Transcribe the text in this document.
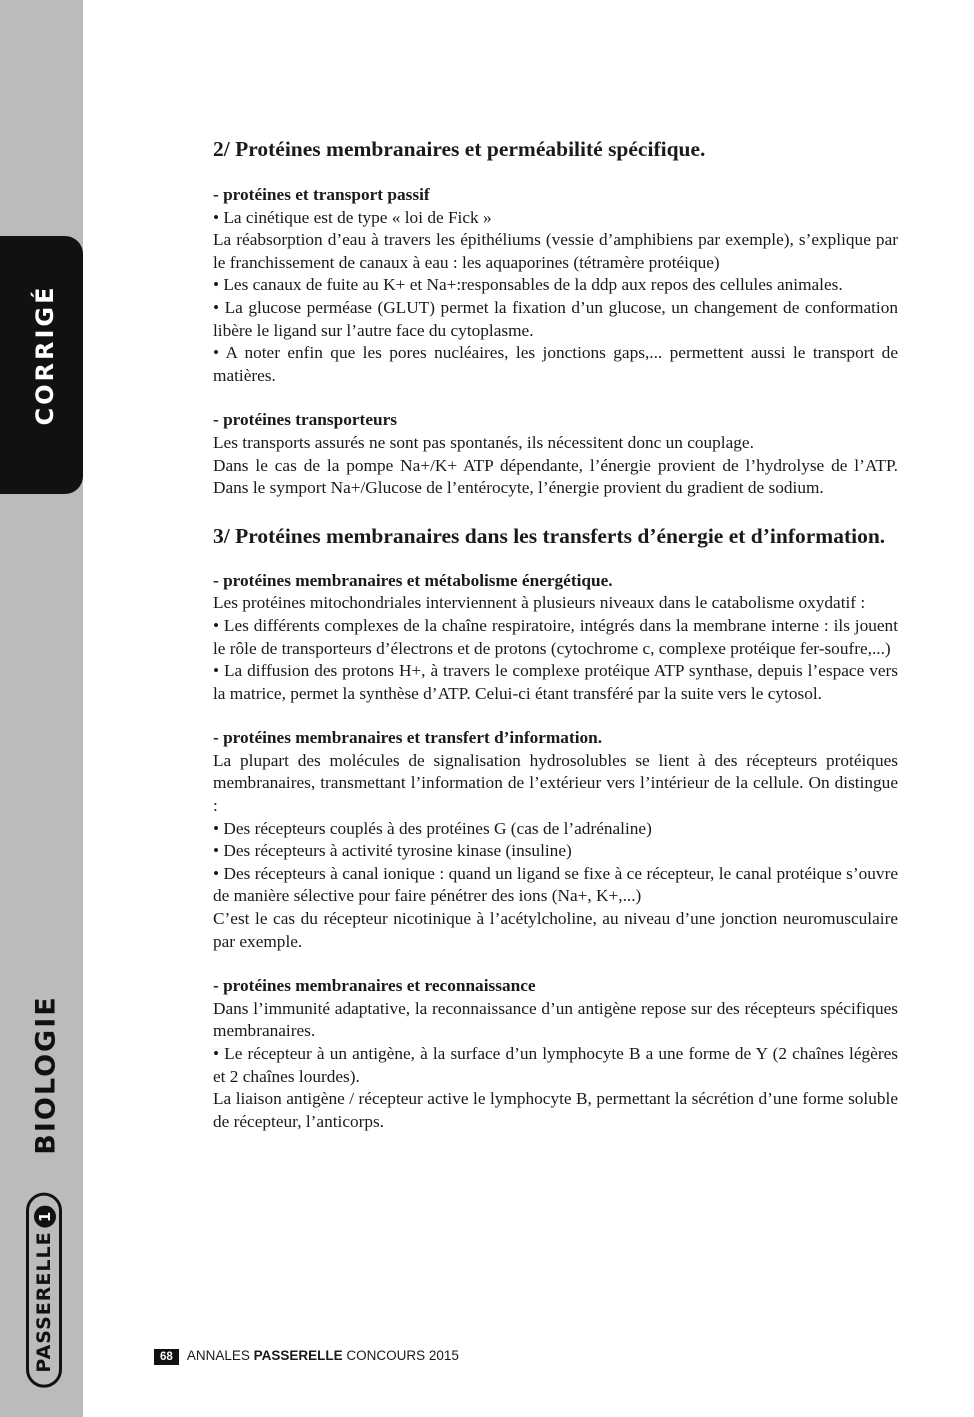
CORRIGÉ
BIOLOGIE
PASSERELLE1

2/ Protéines membranaires et perméabilité spécifique.

- protéines et transport passif

• La cinétique est de type « loi de Fick »

La réabsorption d’eau à travers les épithéliums (vessie d’amphibiens par exemple), s’explique par le franchissement de canaux à eau : les aquaporines (tétramère protéique)

• Les canaux de fuite au K+ et Na+:responsables de la ddp aux repos des cellules animales.

• La glucose perméase (GLUT) permet la fixation d’un glucose, un changement de conformation libère le ligand sur l’autre face du cytoplasme.

• A noter enfin que les pores nucléaires, les jonctions gaps,... permettent aussi le transport de matières.

- protéines transporteurs

Les transports assurés ne sont pas spontanés, ils nécessitent donc un couplage.

Dans le cas de la pompe Na+/K+ ATP dépendante, l’énergie provient de l’hydrolyse de l’ATP. Dans le symport Na+/Glucose de l’entérocyte, l’énergie provient du gradient de sodium.

3/ Protéines membranaires dans les transferts d’énergie et d’information.

- protéines membranaires et métabolisme énergétique.

Les protéines mitochondriales interviennent à plusieurs niveaux dans le catabolisme oxydatif :

• Les différents complexes de la chaîne respiratoire, intégrés dans la membrane interne : ils jouent le rôle de transporteurs d’électrons et de protons (cytochrome c, complexe protéique fer-soufre,...)

• La diffusion des protons H+, à travers le complexe protéique ATP synthase, depuis l’espace vers la matrice, permet la synthèse d’ATP. Celui-ci étant transféré par la suite vers le cytosol.

- protéines membranaires et transfert d’information.

La plupart des molécules de signalisation hydrosolubles se lient à des récepteurs protéiques membranaires, transmettant l’information de l’extérieur vers l’intérieur de la cellule. On distingue :

• Des récepteurs couplés à des protéines G (cas de l’adrénaline)

• Des récepteurs à activité tyrosine kinase (insuline)

• Des récepteurs à canal ionique : quand un ligand se fixe à ce récepteur, le canal protéique s’ouvre de manière sélective pour faire pénétrer des ions (Na+, K+,...)

C’est le cas du récepteur nicotinique à l’acétylcholine, au niveau d’une jonction neuromusculaire par exemple.

- protéines membranaires et reconnaissance

Dans l’immunité adaptative, la reconnaissance d’un antigène repose sur des récepteurs spécifiques membranaires.

• Le récepteur à un antigène, à la surface d’un lymphocyte B a une forme de Y (2 chaînes légères et 2 chaînes lourdes).

La liaison antigène / récepteur active le lymphocyte B, permettant la sécrétion d’une forme soluble de récepteur, l’anticorps.

68 ANNALES PASSERELLE CONCOURS 2015
